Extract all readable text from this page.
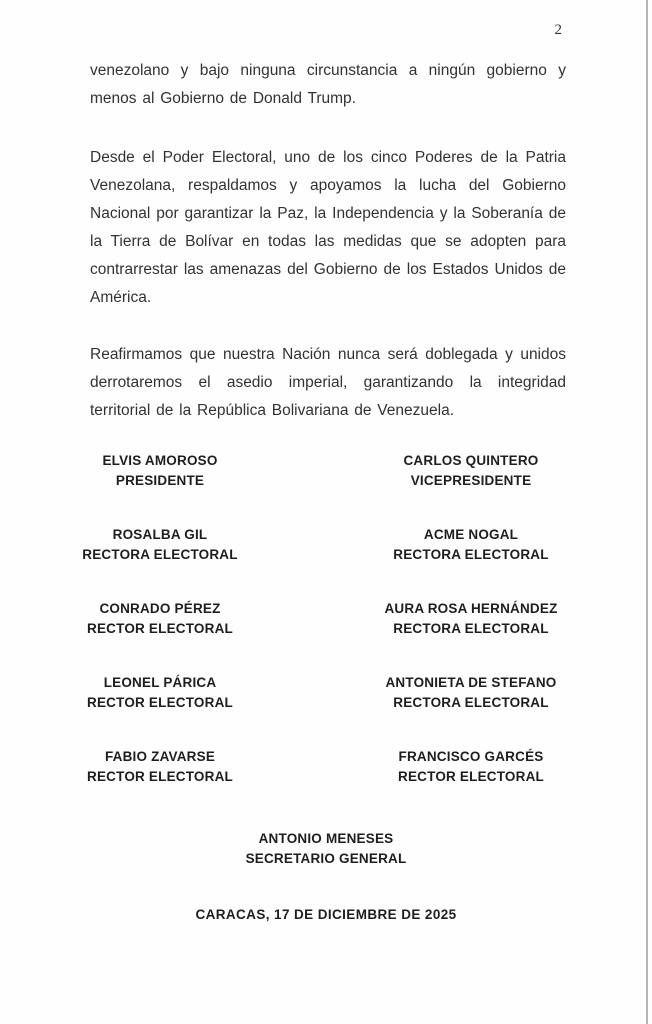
2

venezolano y bajo ninguna circunstancia a ningún gobierno y menos al Gobierno de Donald Trump.

Desde el Poder Electoral, uno de los cinco Poderes de la Patria Venezolana, respaldamos y apoyamos la lucha del Gobierno Nacional por garantizar la Paz, la Independencia y la Soberanía de la Tierra de Bolívar en todas las medidas que se adopten para contrarrestar las amenazas del Gobierno de los Estados Unidos de América.

Reafirmamos que nuestra Nación nunca será doblegada y unidos derrotaremos el asedio imperial, garantizando la integridad territorial de la República Bolivariana de Venezuela.

ELVIS AMOROSO
PRESIDENTE
CARLOS QUINTERO
VICEPRESIDENTE
ROSALBA GIL
RECTORA ELECTORAL
ACME NOGAL
RECTORA ELECTORAL
CONRADO PÉREZ
RECTOR ELECTORAL
AURA ROSA HERNÁNDEZ
RECTORA ELECTORAL
LEONEL PÁRICA
RECTOR ELECTORAL
ANTONIETA DE STEFANO
RECTORA ELECTORAL
FABIO ZAVARSE
RECTOR ELECTORAL
FRANCISCO GARCÉS
RECTOR ELECTORAL
ANTONIO MENESES
SECRETARIO GENERAL
CARACAS, 17 DE DICIEMBRE DE 2025
